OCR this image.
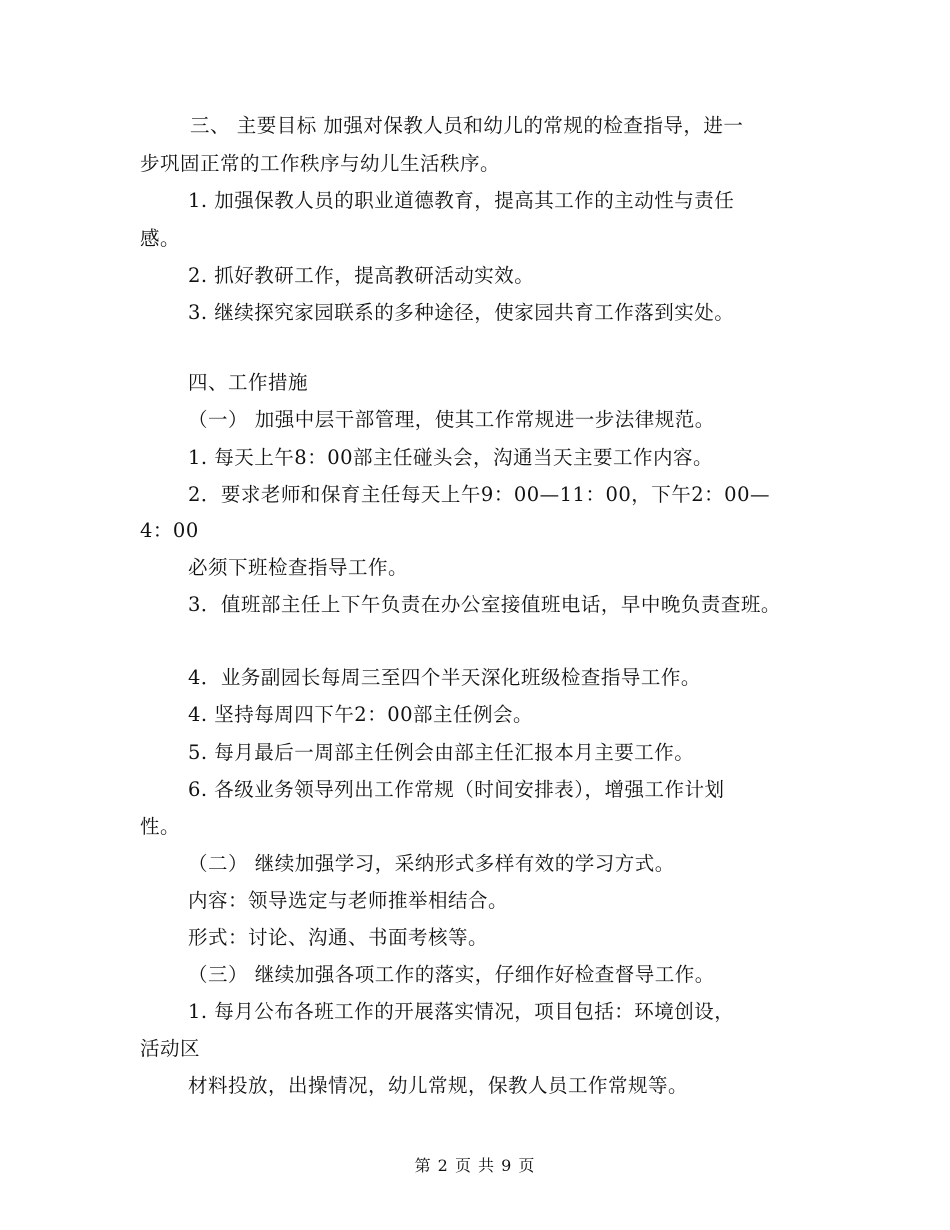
三、 主要目标 加强对保教人员和幼儿的常规的检查指导，进一
步巩固正常的工作秩序与幼儿生活秩序。
1. 加强保教人员的职业道德教育，提高其工作的主动性与责任
感。
2. 抓好教研工作，提高教研活动实效。
3. 继续探究家园联系的多种途径，使家园共育工作落到实处。
四、工作措施
（一） 加强中层干部管理，使其工作常规进一步法律规范。
1. 每天上午8：00部主任碰头会，沟通当天主要工作内容。
2．要求老师和保育主任每天上午9：00—11：00，下午2：00—
4：00
必须下班检查指导工作。
3．值班部主任上下午负责在办公室接值班电话，早中晚负责查班。
4．业务副园长每周三至四个半天深化班级检查指导工作。
4. 坚持每周四下午2：00部主任例会。
5. 每月最后一周部主任例会由部主任汇报本月主要工作。
6. 各级业务领导列出工作常规（时间安排表），增强工作计划
性。
（二） 继续加强学习，采纳形式多样有效的学习方式。
内容：领导选定与老师推举相结合。
形式：讨论、沟通、书面考核等。
（三） 继续加强各项工作的落实，仔细作好检查督导工作。
1. 每月公布各班工作的开展落实情况，项目包括：环境创设，
活动区
材料投放，出操情况，幼儿常规，保教人员工作常规等。
第 2 页 共 9 页
